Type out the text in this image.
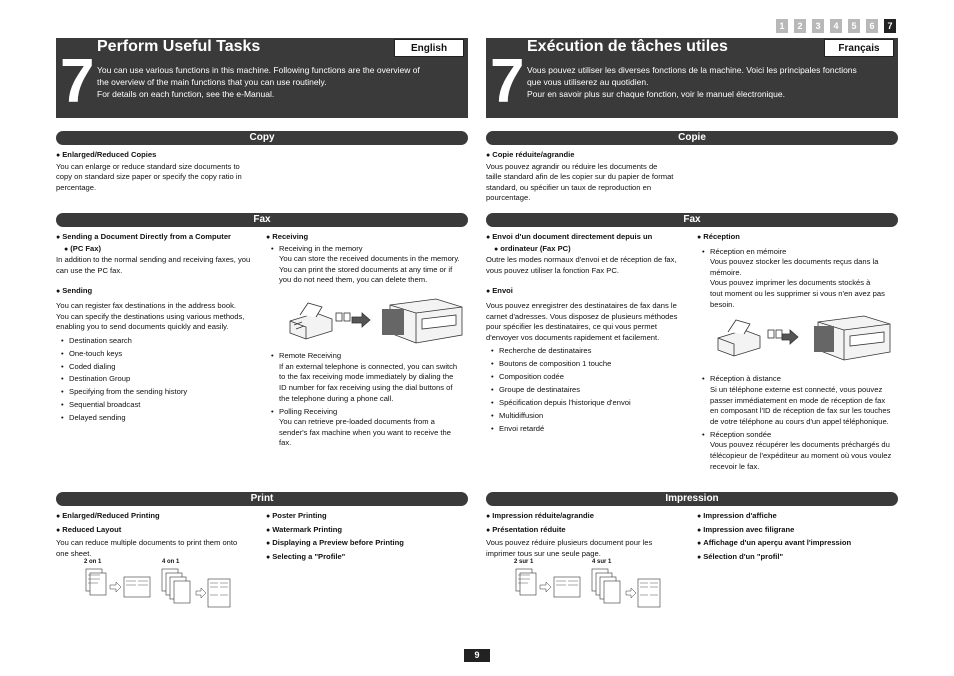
1	2	3	4	5	6	7
7
Perform Useful Tasks	English
You can use various functions in this machine. Following functions are the overview of
the overview of the main functions that you can use routinely.
For details on each function, see the e-Manual.	7
Exécution de tâches utiles	Français
Vous pouvez utiliser les diverses fonctions de la machine. Voici les principales fonctions
que vous utiliserez au quotidien.
Pour en savoir plus sur chaque fonction, voir le manuel électronique.
Copy	Copie
● Enlarged/Reduced Copies
You can enlarge or reduce standard size documents to
copy on standard size paper or specify the copy ratio in
percentage.
● Copie réduite/agrandie
Vous pouvez agrandir ou réduire les documents de
taille standard afin de les copier sur du papier de format
standard, ou spécifier un taux de reproduction en
pourcentage.
Fax	Fax
● Sending a Document Directly from a Computer
● (PC Fax)
In addition to the normal sending and receiving faxes, you
can use the PC fax.
● Sending
You can register fax destinations in the address book.
You can specify the destinations using various methods,
enabling you to send documents quickly and easily.
• Destination search
• One-touch keys
• Coded dialing
• Destination Group
• Specifying from the sending history
• Sequential broadcast
• Delayed sending
● Receiving
• Receiving in the memory
You can store the received documents in the memory.
You can print the stored documents at any time or if
you do not need them, you can delete them.
• Remote Receiving
If an external telephone is connected, you can switch
to the fax receiving mode immediately by dialing the
ID number for fax receiving using the dial buttons of
the telephone during a phone call.
• Polling Receiving
You can retrieve pre-loaded documents from a
sender's fax machine when you want to receive the
fax.
● Envoi d'un document directement depuis un
● ordinateur (Fax PC)
Outre les modes normaux d'envoi et de réception de fax,
vous pouvez utiliser la fonction Fax PC.
● Envoi
Vous pouvez enregistrer des destinataires de fax dans le
carnet d'adresses. Vous disposez de plusieurs méthodes
pour spécifier les destinataires, ce qui vous permet
d'envoyer vos documents rapidement et facilement.
• Recherche de destinataires
• Boutons de composition 1 touche
• Composition codée
• Groupe de destinataires
• Spécification depuis l'historique d'envoi
• Multidiffusion
• Envoi retardé
● Réception
• Réception en mémoire
Vous pouvez stocker les documents reçus dans la
mémoire.
Vous pouvez imprimer les documents stockés à
tout moment ou les supprimer si vous n'en avez pas
besoin.
• Réception à distance
Si un téléphone externe est connecté, vous pouvez
passer immédiatement en mode de réception de fax
en composant l'ID de réception de fax sur les touches
de votre téléphone au cours d'un appel téléphonique.
• Réception sondée
Vous pouvez récupérer les documents préchargés du
télécopieur de l'expéditeur au moment où vous voulez
recevoir le fax.
Print	Impression
● Enlarged/Reduced Printing
● Reduced Layout
You can reduce multiple documents to print them onto
one sheet.
● Poster Printing
● Watermark Printing
● Displaying a Preview before Printing
● Selecting a "Profile"
● Impression réduite/agrandie
● Présentation réduite
Vous pouvez réduire plusieurs document pour les
imprimer tous sur une seule page.
● Impression d'affiche
● Impression avec filigrane
● Affichage d'un aperçu avant l'impression
● Sélection d'un "profil"
2 on 1	4 on 1	2 sur 1	4 sur 1
9
